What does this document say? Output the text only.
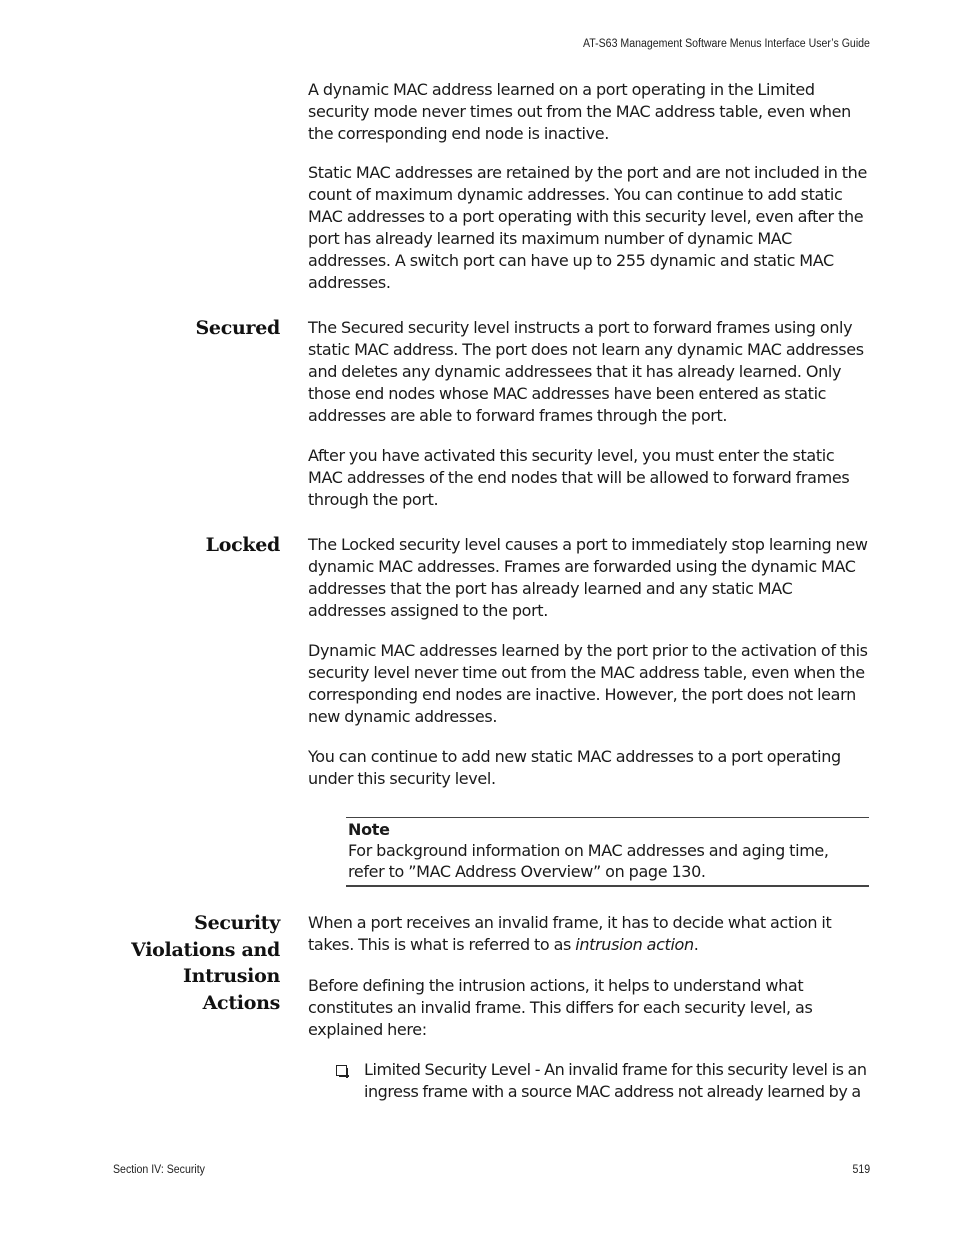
AT-S63 Management Software Menus Interface User’s Guide

A dynamic MAC address learned on a port operating in the Limited security mode never times out from the MAC address table, even when the corresponding end node is inactive.

Static MAC addresses are retained by the port and are not included in the count of maximum dynamic addresses. You can continue to add static MAC addresses to a port operating with this security level, even after the port has already learned its maximum number of dynamic MAC addresses. A switch port can have up to 255 dynamic and static MAC addresses.

Secured The Secured security level instructs a port to forward frames using only static MAC address. The port does not learn any dynamic MAC addresses and deletes any dynamic addressees that it has already learned. Only those end nodes whose MAC addresses have been entered as static addresses are able to forward frames through the port.

After you have activated this security level, you must enter the static MAC addresses of the end nodes that will be allowed to forward frames through the port.

Locked The Locked security level causes a port to immediately stop learning new dynamic MAC addresses. Frames are forwarded using the dynamic MAC addresses that the port has already learned and any static MAC addresses assigned to the port.

Dynamic MAC addresses learned by the port prior to the activation of this security level never time out from the MAC address table, even when the corresponding end nodes are inactive. However, the port does not learn new dynamic addresses.

You can continue to add new static MAC addresses to a port operating under this security level.

Note

For background information on MAC addresses and aging time, refer to ”MAC Address Overview” on page 130.

Security
Violations and
Intrusion
Actions

When a port receives an invalid frame, it has to decide what action it takes. This is what is referred to as intrusion action.

Before defining the intrusion actions, it helps to understand what constitutes an invalid frame. This differs for each security level, as explained here:

Limited Security Level - An invalid frame for this security level is an ingress frame with a source MAC address not already learned by a

Section IV: Security	519
